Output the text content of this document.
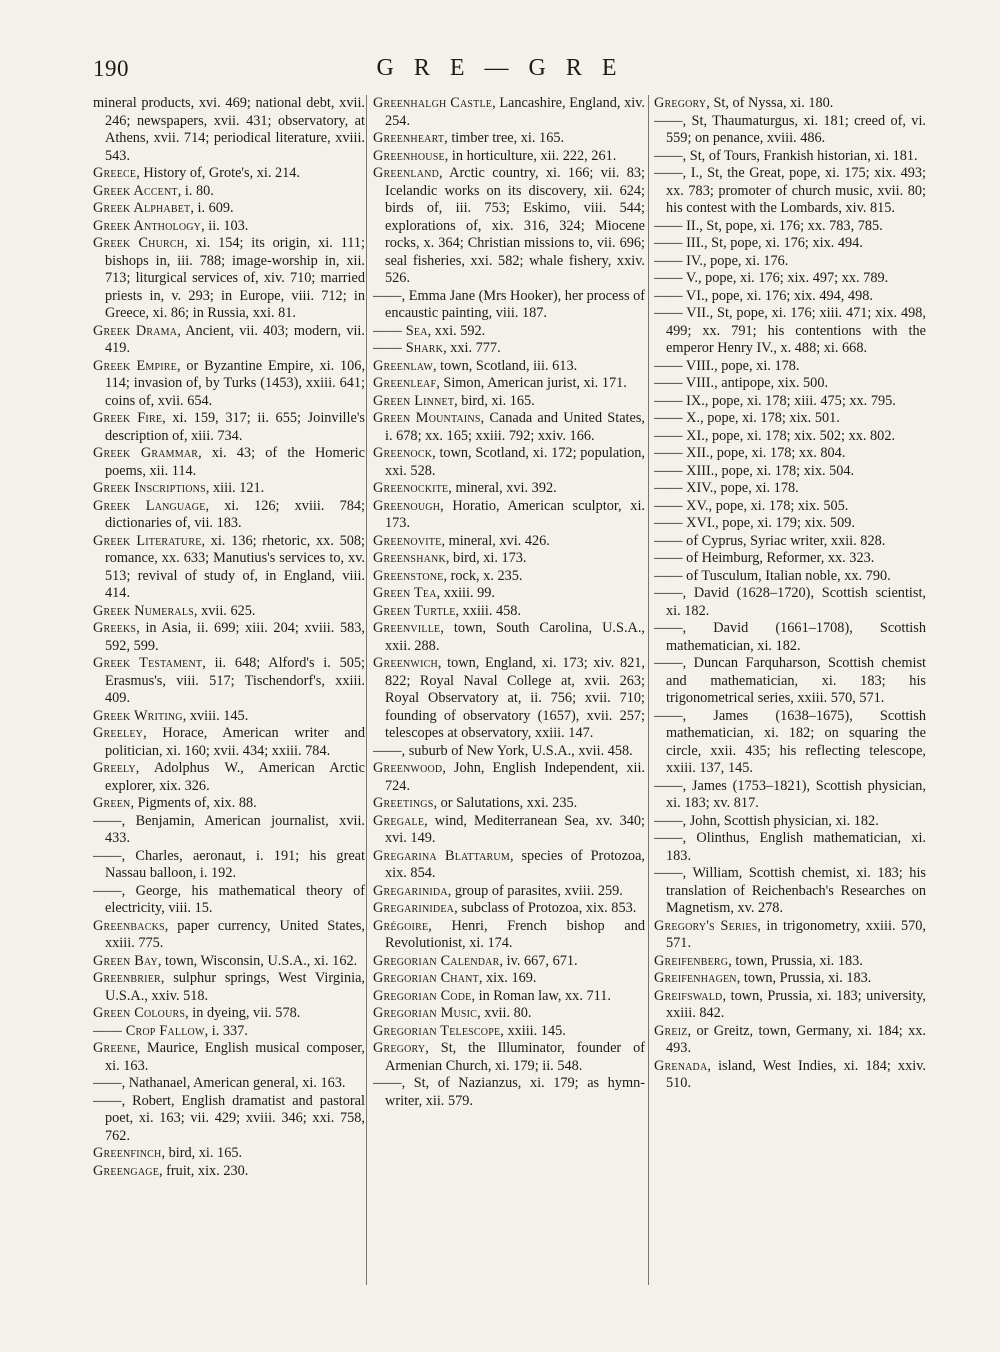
190	G R E — G R E

mineral products, xvi. 469; national debt, xvii. 246; newspapers, xvii. 431; observatory, at Athens, xvii. 714; periodical literature, xviii. 543.

Greece, History of, Grote's, xi. 214.

Greek Accent, i. 80.

Greek Alphabet, i. 609.

Greek Anthology, ii. 103.

Greek Church, xi. 154; its origin, xi. 111; bishops in, iii. 788; image-worship in, xii. 713; liturgical services of, xiv. 710; married priests in, v. 293; in Europe, viii. 712; in Greece, xi. 86; in Russia, xxi. 81.

Greek Drama, Ancient, vii. 403; modern, vii. 419.

Greek Empire, or Byzantine Empire, xi. 106, 114; invasion of, by Turks (1453), xxiii. 641; coins of, xvii. 654.

Greek Fire, xi. 159, 317; ii. 655; Joinville's description of, xiii. 734.

Greek Grammar, xi. 43; of the Homeric poems, xii. 114.

Greek Inscriptions, xiii. 121.

Greek Language, xi. 126; xviii. 784; dictionaries of, vii. 183.

Greek Literature, xi. 136; rhetoric, xx. 508; romance, xx. 633; Manutius's services to, xv. 513; revival of study of, in England, viii. 414.

Greek Numerals, xvii. 625.

Greeks, in Asia, ii. 699; xiii. 204; xviii. 583, 592, 599.

Greek Testament, ii. 648; Alford's i. 505; Erasmus's, viii. 517; Tischendorf's, xxiii. 409.

Greek Writing, xviii. 145.

Greeley, Horace, American writer and politician, xi. 160; xvii. 434; xxiii. 784.

Greely, Adolphus W., American Arctic explorer, xix. 326.

Green, Pigments of, xix. 88.

——, Benjamin, American journalist, xvii. 433.

——, Charles, aeronaut, i. 191; his great Nassau balloon, i. 192.

——, George, his mathematical theory of electricity, viii. 15.

Greenbacks, paper currency, United States, xxiii. 775.

Green Bay, town, Wisconsin, U.S.A., xi. 162.

Greenbrier, sulphur springs, West Virginia, U.S.A., xxiv. 518.

Green Colours, in dyeing, vii. 578.

—— Crop Fallow, i. 337.

Greene, Maurice, English musical composer, xi. 163.

——, Nathanael, American general, xi. 163.

——, Robert, English dramatist and pastoral poet, xi. 163; vii. 429; xviii. 346; xxi. 758, 762.

Greenfinch, bird, xi. 165.

Greengage, fruit, xix. 230.

Greenhalgh Castle, Lancashire, England, xiv. 254.

Greenheart, timber tree, xi. 165.

Greenhouse, in horticulture, xii. 222, 261.

Greenland, Arctic country, xi. 166; vii. 83; Icelandic works on its discovery, xii. 624; birds of, iii. 753; Eskimo, viii. 544; explorations of, xix. 316, 324; Miocene rocks, x. 364; Christian missions to, vii. 696; seal fisheries, xxi. 582; whale fishery, xxiv. 526.

——, Emma Jane (Mrs Hooker), her process of encaustic painting, viii. 187.

—— Sea, xxi. 592.

—— Shark, xxi. 777.

Greenlaw, town, Scotland, iii. 613.

Greenleaf, Simon, American jurist, xi. 171.

Green Linnet, bird, xi. 165.

Green Mountains, Canada and United States, i. 678; xx. 165; xxiii. 792; xxiv. 166.

Greenock, town, Scotland, xi. 172; population, xxi. 528.

Greenockite, mineral, xvi. 392.

Greenough, Horatio, American sculptor, xi. 173.

Greenovite, mineral, xvi. 426.

Greenshank, bird, xi. 173.

Greenstone, rock, x. 235.

Green Tea, xxiii. 99.

Green Turtle, xxiii. 458.

Greenville, town, South Carolina, U.S.A., xxii. 288.

Greenwich, town, England, xi. 173; xiv. 821, 822; Royal Naval College at, xvii. 263; Royal Observatory at, ii. 756; xvii. 710; founding of observatory (1657), xvii. 257; telescopes at observatory, xxiii. 147.

——, suburb of New York, U.S.A., xvii. 458.

Greenwood, John, English Independent, xii. 724.

Greetings, or Salutations, xxi. 235.

Gregale, wind, Mediterranean Sea, xv. 340; xvi. 149.

Gregarina Blattarum, species of Protozoa, xix. 854.

Gregarinida, group of parasites, xviii. 259.

Gregarinidea, subclass of Protozoa, xix. 853.

Grégoire, Henri, French bishop and Revolutionist, xi. 174.

Gregorian Calendar, iv. 667, 671.

Gregorian Chant, xix. 169.

Gregorian Code, in Roman law, xx. 711.

Gregorian Music, xvii. 80.

Gregorian Telescope, xxiii. 145.

Gregory, St, the Illuminator, founder of Armenian Church, xi. 179; ii. 548.

——, St, of Nazianzus, xi. 179; as hymn-writer, xii. 579.

Gregory, St, of Nyssa, xi. 180.

——, St, Thaumaturgus, xi. 181; creed of, vi. 559; on penance, xviii. 486.

——, St, of Tours, Frankish historian, xi. 181.

——, I., St, the Great, pope, xi. 175; xix. 493; xx. 783; promoter of church music, xvii. 80; his contest with the Lombards, xiv. 815.

—— II., St, pope, xi. 176; xx. 783, 785.

—— III., St, pope, xi. 176; xix. 494.

—— IV., pope, xi. 176.

—— V., pope, xi. 176; xix. 497; xx. 789.

—— VI., pope, xi. 176; xix. 494, 498.

—— VII., St, pope, xi. 176; xiii. 471; xix. 498, 499; xx. 791; his contentions with the emperor Henry IV., x. 488; xi. 668.

—— VIII., pope, xi. 178.

—— VIII., antipope, xix. 500.

—— IX., pope, xi. 178; xiii. 475; xx. 795.

—— X., pope, xi. 178; xix. 501.

—— XI., pope, xi. 178; xix. 502; xx. 802.

—— XII., pope, xi. 178; xx. 804.

—— XIII., pope, xi. 178; xix. 504.

—— XIV., pope, xi. 178.

—— XV., pope, xi. 178; xix. 505.

—— XVI., pope, xi. 179; xix. 509.

—— of Cyprus, Syriac writer, xxii. 828.

—— of Heimburg, Reformer, xx. 323.

—— of Tusculum, Italian noble, xx. 790.

——, David (1628–1720), Scottish scientist, xi. 182.

——, David (1661–1708), Scottish mathematician, xi. 182.

——, Duncan Farquharson, Scottish chemist and mathematician, xi. 183; his trigonometrical series, xxiii. 570, 571.

——, James (1638–1675), Scottish mathematician, xi. 182; on squaring the circle, xxii. 435; his reflecting telescope, xxiii. 137, 145.

——, James (1753–1821), Scottish physician, xi. 183; xv. 817.

——, John, Scottish physician, xi. 182.

——, Olinthus, English mathematician, xi. 183.

——, William, Scottish chemist, xi. 183; his translation of Reichenbach's Researches on Magnetism, xv. 278.

Gregory's Series, in trigonometry, xxiii. 570, 571.

Greifenberg, town, Prussia, xi. 183.

Greifenhagen, town, Prussia, xi. 183.

Greifswald, town, Prussia, xi. 183; university, xxiii. 842.

Greiz, or Greitz, town, Germany, xi. 184; xx. 493.

Grenada, island, West Indies, xi. 184; xxiv. 510.
